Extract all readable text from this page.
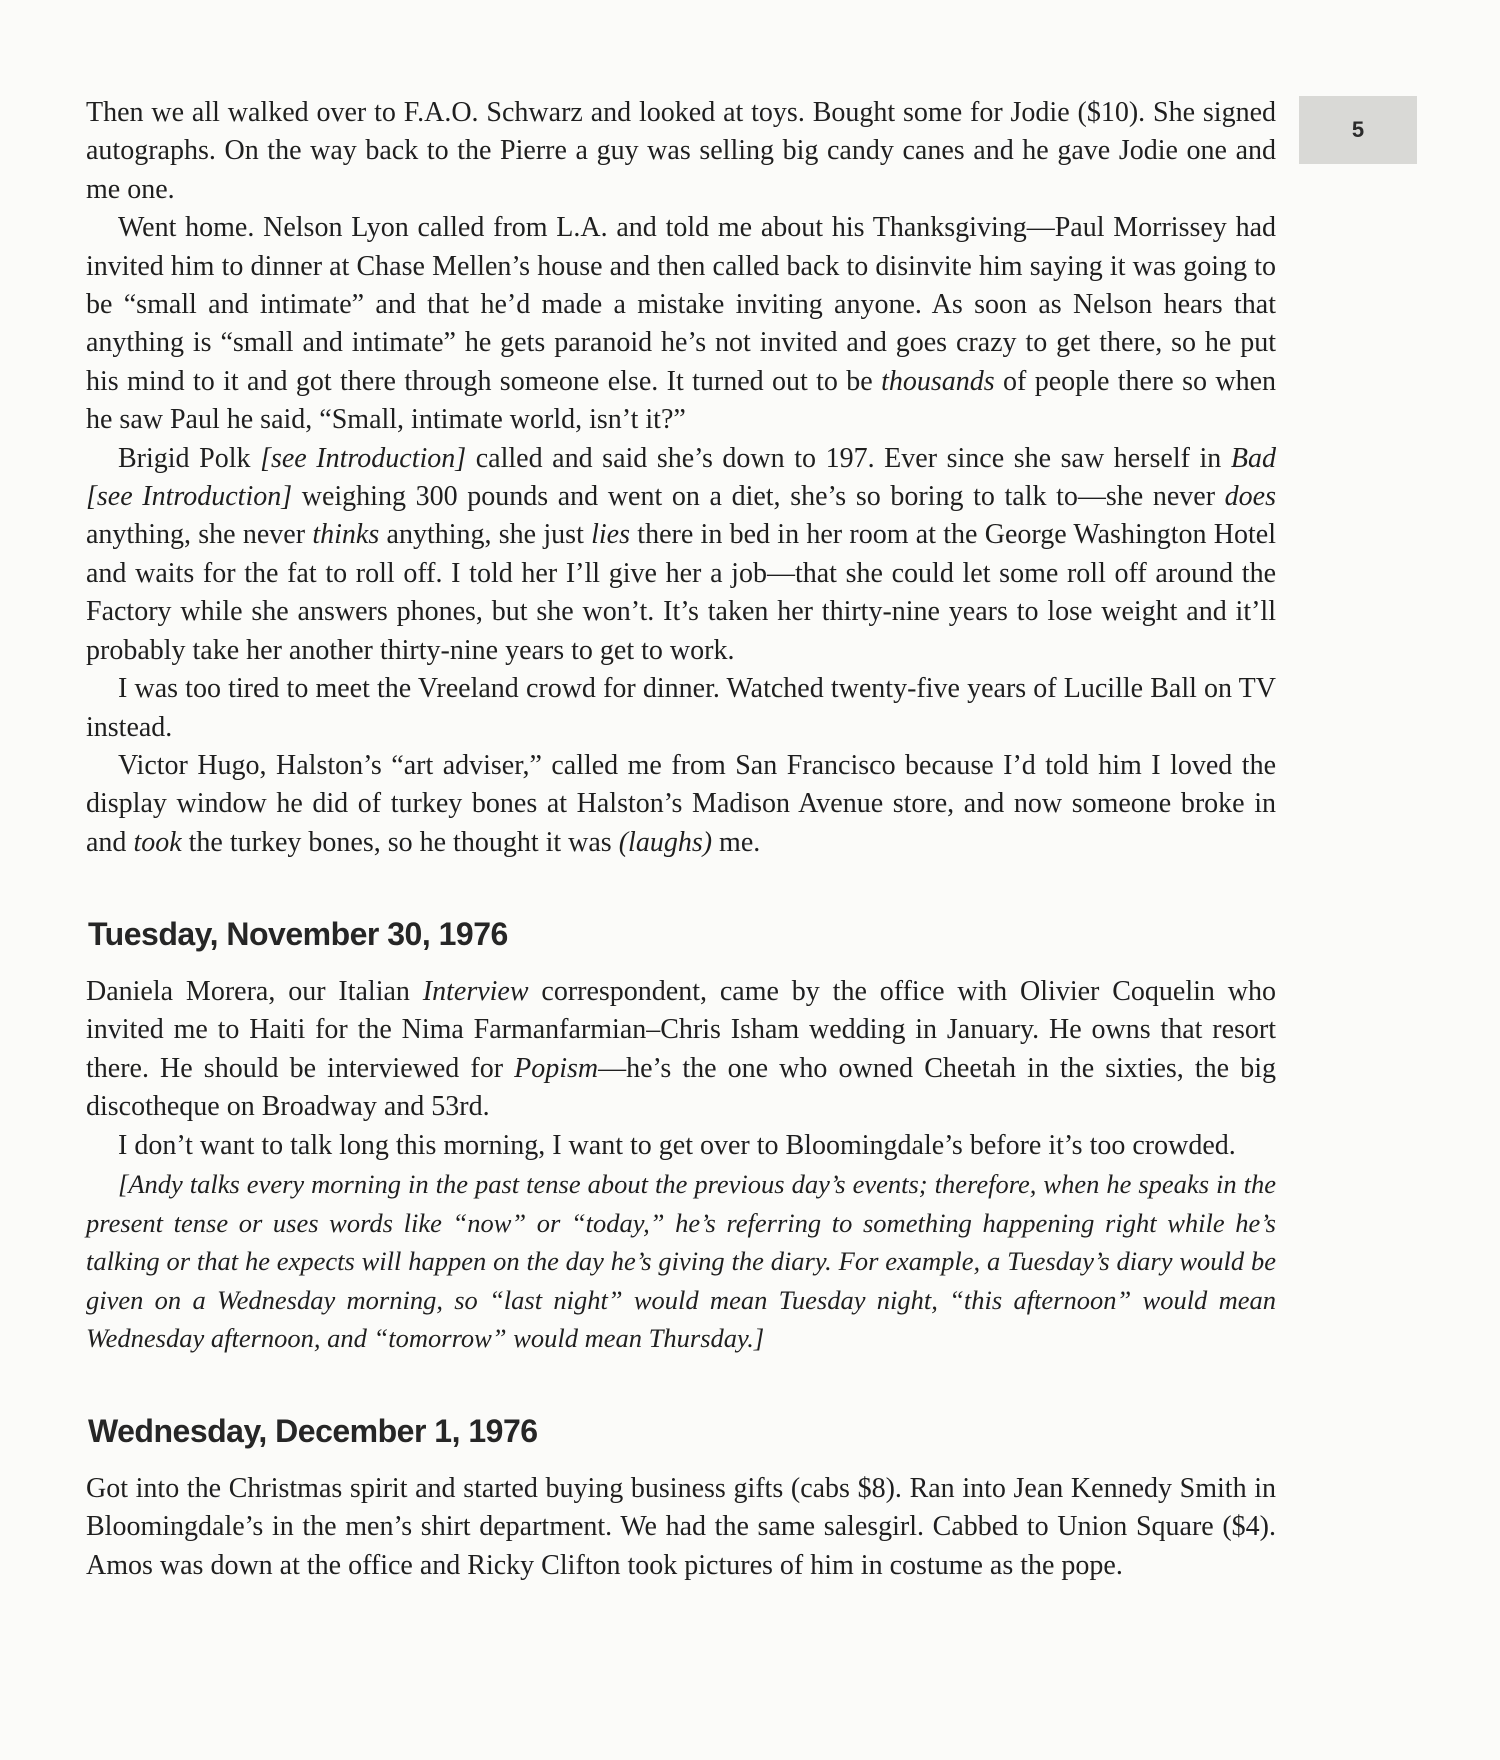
5

Then we all walked over to F.A.O. Schwarz and looked at toys. Bought some for Jodie ($10). She signed autographs. On the way back to the Pierre a guy was selling big candy canes and he gave Jodie one and me one.

Went home. Nelson Lyon called from L.A. and told me about his Thanksgiving—Paul Morrissey had invited him to dinner at Chase Mellen’s house and then called back to disinvite him saying it was going to be “small and intimate” and that he’d made a mistake inviting anyone. As soon as Nelson hears that anything is “small and intimate” he gets paranoid he’s not invited and goes crazy to get there, so he put his mind to it and got there through someone else. It turned out to be thousands of people there so when he saw Paul he said, “Small, intimate world, isn’t it?”

Brigid Polk [see Introduction] called and said she’s down to 197. Ever since she saw herself in Bad [see Introduction] weighing 300 pounds and went on a diet, she’s so boring to talk to—she never does anything, she never thinks anything, she just lies there in bed in her room at the George Washington Hotel and waits for the fat to roll off. I told her I’ll give her a job—that she could let some roll off around the Factory while she answers phones, but she won’t. It’s taken her thirty-nine years to lose weight and it’ll probably take her another thirty-nine years to get to work.

I was too tired to meet the Vreeland crowd for dinner. Watched twenty-five years of Lucille Ball on TV instead.

Victor Hugo, Halston’s “art adviser,” called me from San Francisco because I’d told him I loved the display window he did of turkey bones at Halston’s Madison Avenue store, and now someone broke in and took the turkey bones, so he thought it was (laughs) me.

Tuesday, November 30, 1976

Daniela Morera, our Italian Interview correspondent, came by the office with Olivier Coquelin who invited me to Haiti for the Nima Farmanfarmian–Chris Isham wedding in January. He owns that resort there. He should be interviewed for Popism—he’s the one who owned Cheetah in the sixties, the big discotheque on Broadway and 53rd.

I don’t want to talk long this morning, I want to get over to Bloomingdale’s before it’s too crowded.

[Andy talks every morning in the past tense about the previous day’s events; therefore, when he speaks in the present tense or uses words like “now” or “today,” he’s referring to something happening right while he’s talking or that he expects will happen on the day he’s giving the diary. For example, a Tuesday’s diary would be given on a Wednesday morning, so “last night” would mean Tuesday night, “this afternoon” would mean Wednesday afternoon, and “tomorrow” would mean Thursday.]

Wednesday, December 1, 1976

Got into the Christmas spirit and started buying business gifts (cabs $8). Ran into Jean Kennedy Smith in Bloomingdale’s in the men’s shirt department. We had the same salesgirl. Cabbed to Union Square ($4). Amos was down at the office and Ricky Clifton took pictures of him in costume as the pope.
